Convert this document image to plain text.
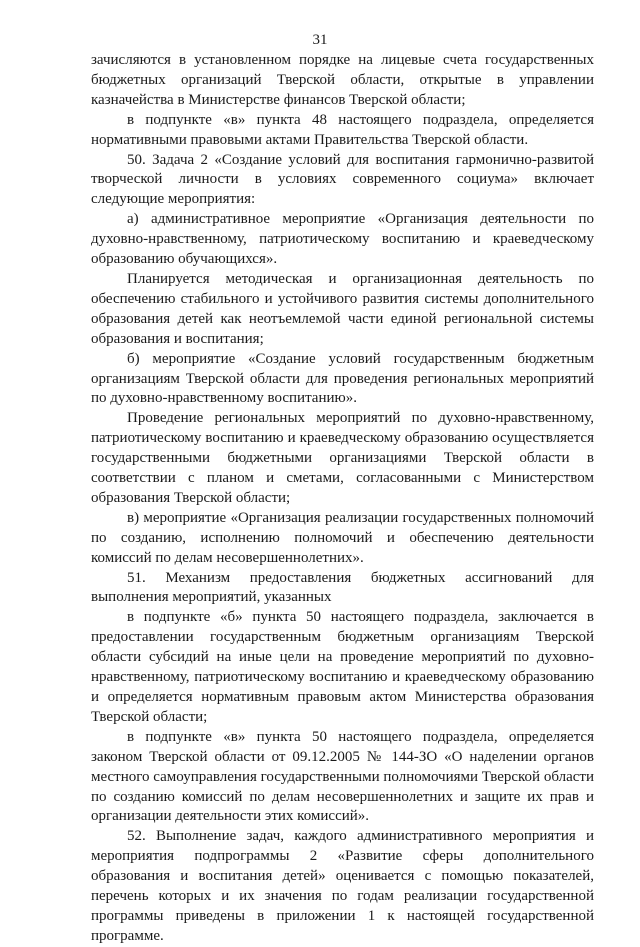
31

зачисляются в установленном порядке на лицевые счета государственных бюджетных организаций Тверской области, открытые в управлении казначейства в Министерстве финансов Тверской области;

в подпункте «в» пункта 48 настоящего подраздела, определяется нормативными правовыми актами Правительства Тверской области.

50. Задача 2 «Создание условий для воспитания гармонично-развитой творческой личности в условиях современного социума» включает следующие мероприятия:

а) административное мероприятие «Организация деятельности по духовно-нравственному, патриотическому воспитанию и краеведческому образованию обучающихся».

Планируется методическая и организационная деятельность по обеспечению стабильного и устойчивого развития системы дополнительного образования детей как неотъемлемой части единой региональной системы образования и воспитания;

б) мероприятие «Создание условий государственным бюджетным организациям Тверской области для проведения региональных мероприятий по духовно-нравственному воспитанию».

Проведение региональных мероприятий по духовно-нравственному, патриотическому воспитанию и краеведческому образованию осуществляется государственными бюджетными организациями Тверской области в соответствии с планом и сметами, согласованными с Министерством образования Тверской области;

в) мероприятие «Организация реализации государственных полномочий по созданию, исполнению полномочий и обеспечению деятельности комиссий по делам несовершеннолетних».

51. Механизм предоставления бюджетных ассигнований для выполнения мероприятий, указанных

в подпункте «б» пункта 50 настоящего подраздела, заключается в предоставлении государственным бюджетным организациям Тверской области субсидий на иные цели на проведение мероприятий по духовно-нравственному, патриотическому воспитанию и краеведческому образованию и определяется нормативным правовым актом Министерства образования Тверской области;

в подпункте «в» пункта 50 настоящего подраздела, определяется законом Тверской области от 09.12.2005 № 144-ЗО «О наделении органов местного самоуправления государственными полномочиями Тверской области по созданию комиссий по делам несовершеннолетних и защите их прав и организации деятельности этих комиссий».

52. Выполнение задач, каждого административного мероприятия и мероприятия подпрограммы 2 «Развитие сферы дополнительного образования и воспитания детей» оценивается с помощью показателей, перечень которых и их значения по годам реализации государственной программы приведены в приложении 1 к настоящей государственной программе.
